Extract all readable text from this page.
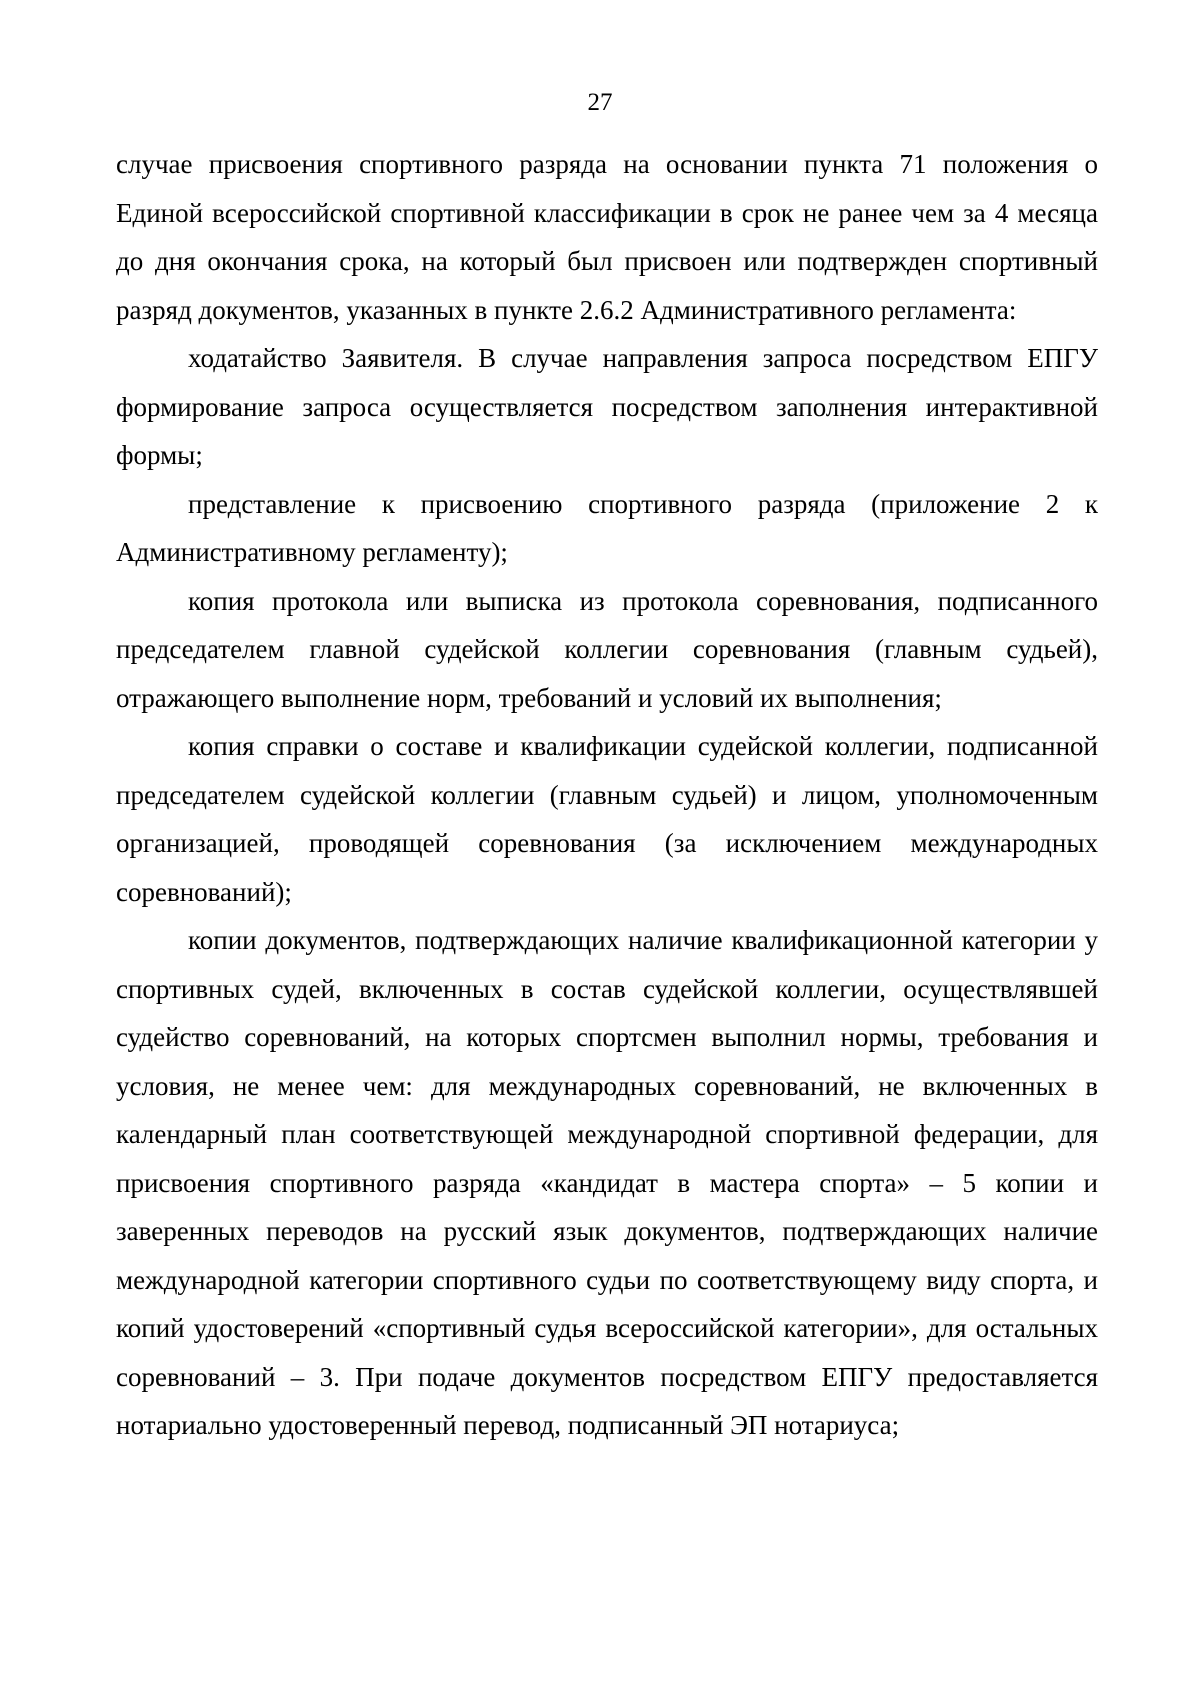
27

случае присвоения спортивного разряда на основании пункта 71 положения о Единой всероссийской спортивной классификации в срок не ранее чем за 4 месяца до дня окончания срока, на который был присвоен или подтвержден спортивный разряд документов, указанных в пункте 2.6.2 Административного регламента:

ходатайство Заявителя. В случае направления запроса посредством ЕПГУ формирование запроса осуществляется посредством заполнения интерактивной формы;

представление к присвоению спортивного разряда (приложение 2 к Административному регламенту);

копия протокола или выписка из протокола соревнования, подписанного председателем главной судейской коллегии соревнования (главным судьей), отражающего выполнение норм, требований и условий их выполнения;

копия справки о составе и квалификации судейской коллегии, подписанной председателем судейской коллегии (главным судьей) и лицом, уполномоченным организацией, проводящей соревнования (за исключением международных соревнований);

копии документов, подтверждающих наличие квалификационной категории у спортивных судей, включенных в состав судейской коллегии, осуществлявшей судейство соревнований, на которых спортсмен выполнил нормы, требования и условия, не менее чем: для международных соревнований, не включенных в календарный план соответствующей международной спортивной федерации, для присвоения спортивного разряда «кандидат в мастера спорта» – 5 копии и заверенных переводов на русский язык документов, подтверждающих наличие международной категории спортивного судьи по соответствующему виду спорта, и копий удостоверений «спортивный судья всероссийской категории», для остальных соревнований – 3. При подаче документов посредством ЕПГУ предоставляется нотариально удостоверенный перевод, подписанный ЭП нотариуса;
